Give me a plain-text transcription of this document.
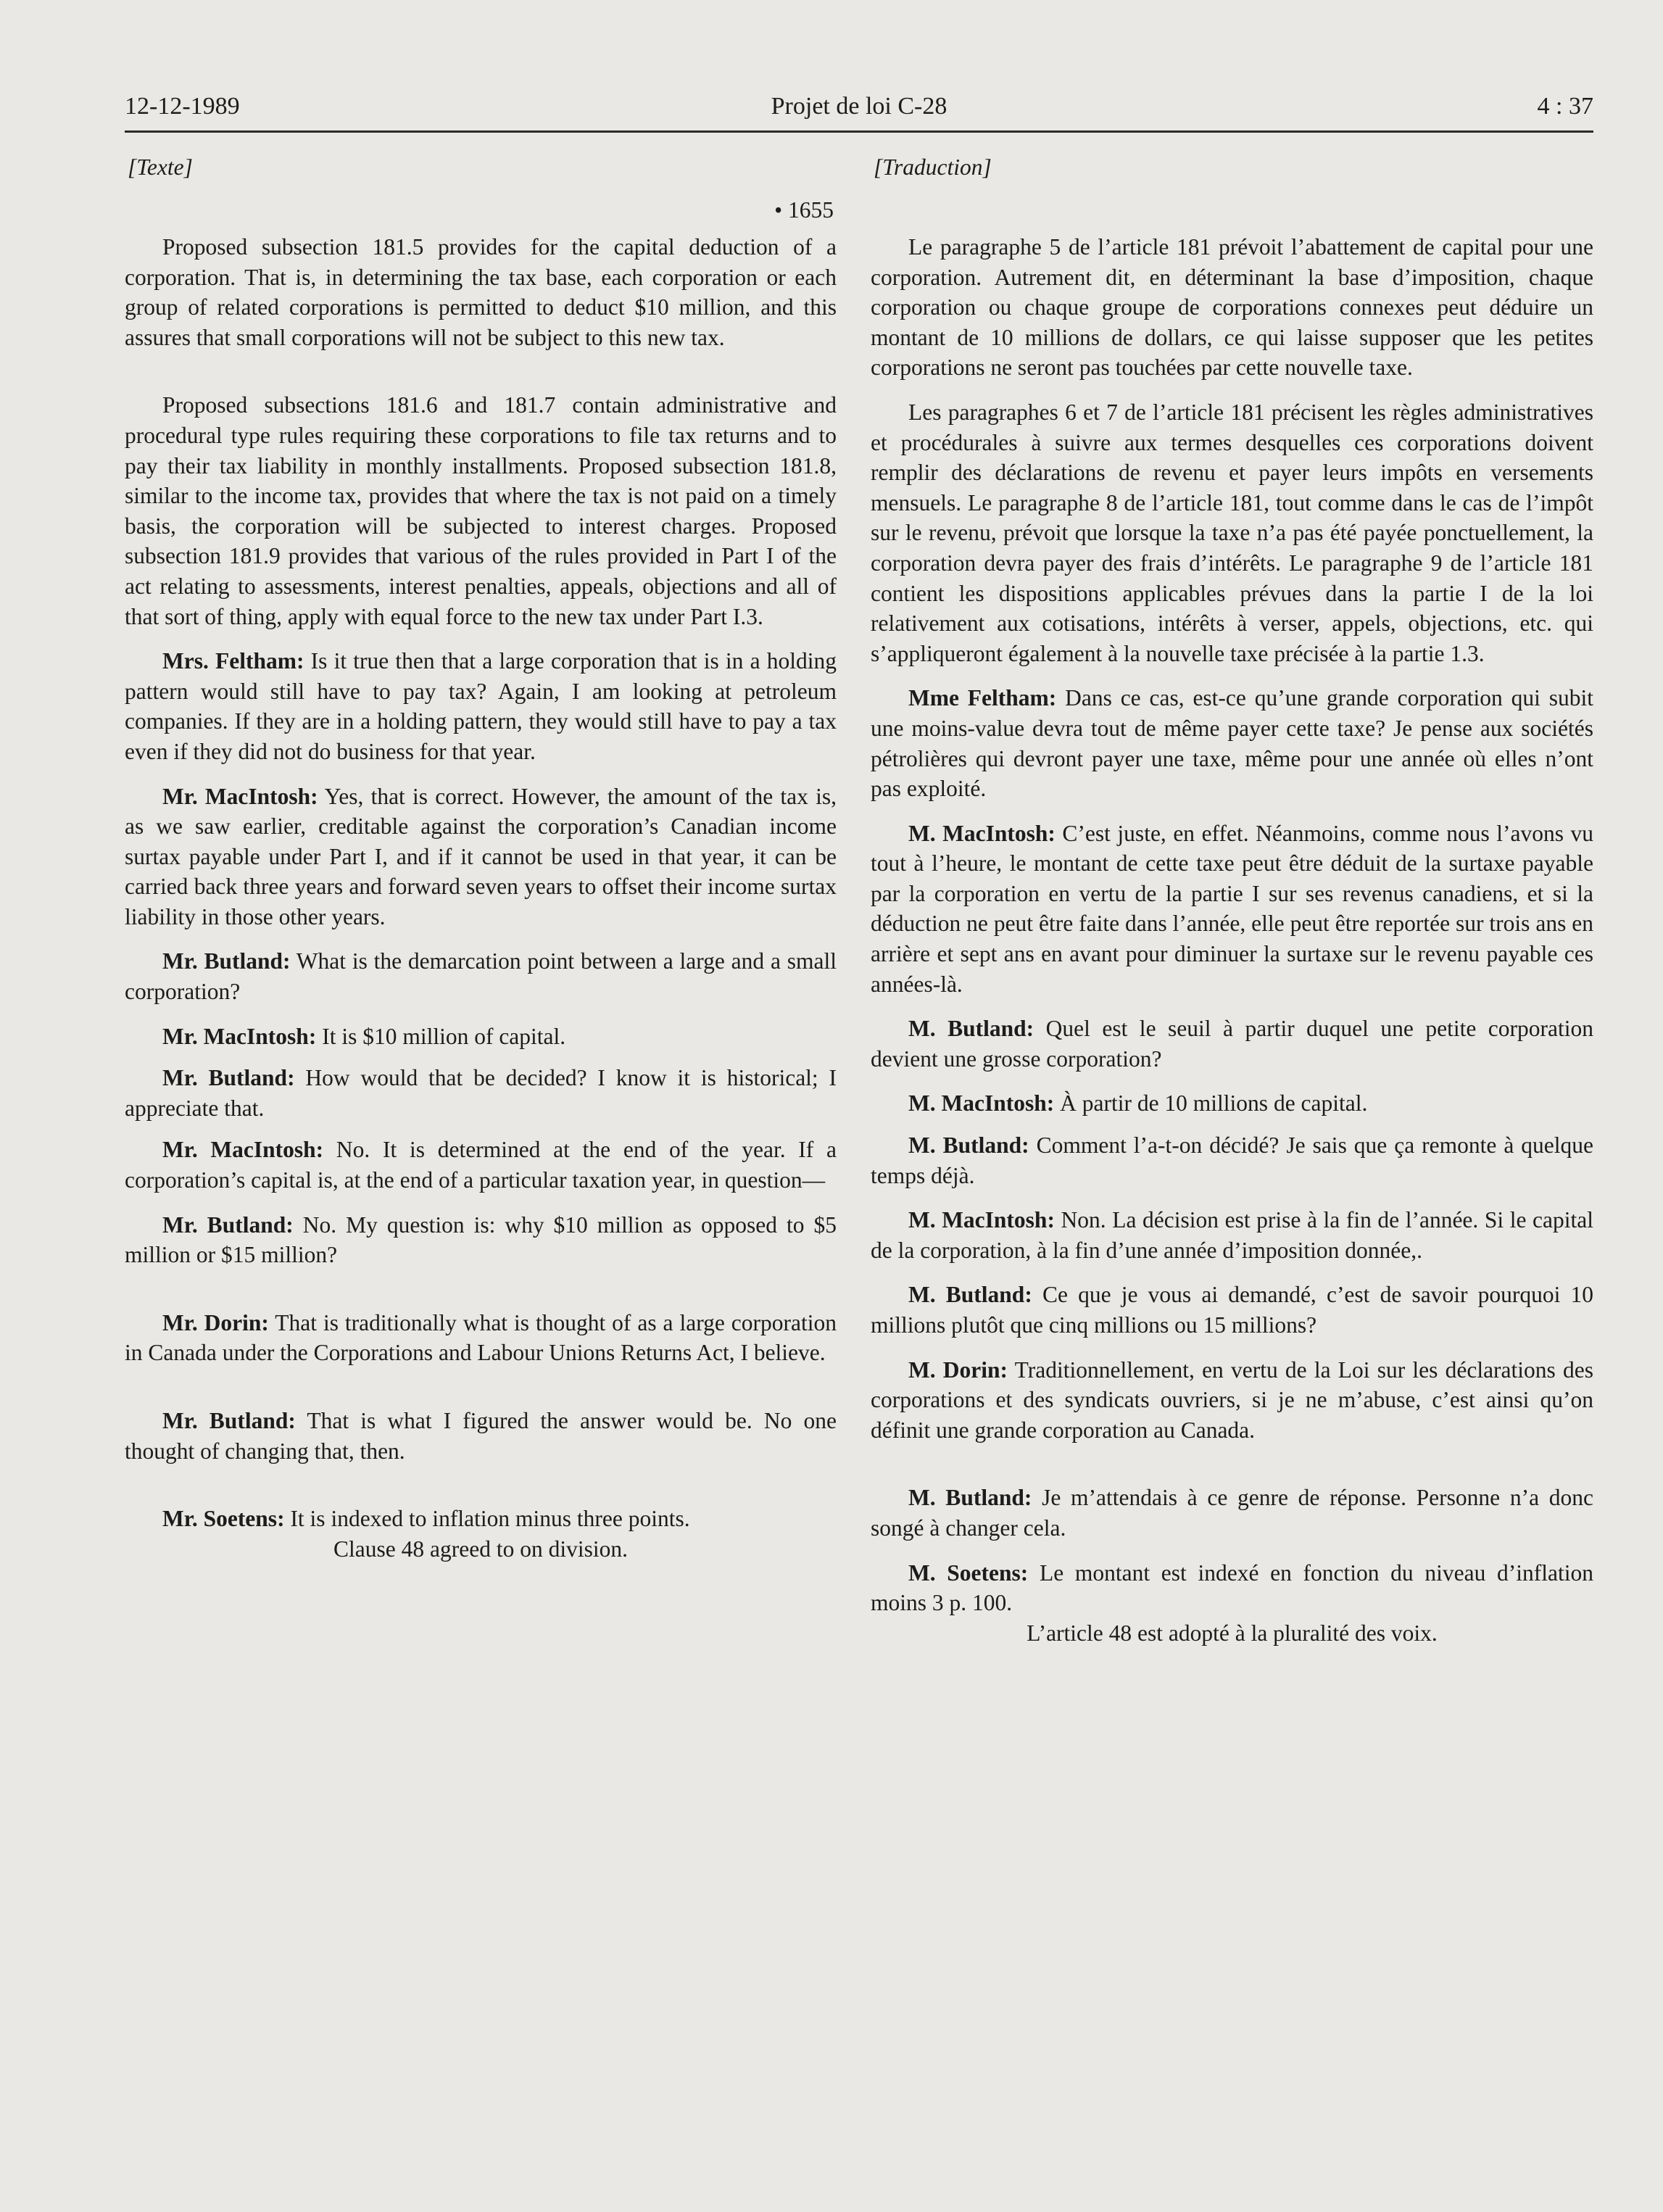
12-12-1989	Projet de loi C-28	4 : 37
[Texte]
• 1655

Proposed subsection 181.5 provides for the capital deduction of a corporation. That is, in determining the tax base, each corporation or each group of related corporations is permitted to deduct $10 million, and this assures that small corporations will not be subject to this new tax.

Proposed subsections 181.6 and 181.7 contain administrative and procedural type rules requiring these corporations to file tax returns and to pay their tax liability in monthly installments. Proposed subsection 181.8, similar to the income tax, provides that where the tax is not paid on a timely basis, the corporation will be subjected to interest charges. Proposed subsection 181.9 provides that various of the rules provided in Part I of the act relating to assessments, interest penalties, appeals, objections and all of that sort of thing, apply with equal force to the new tax under Part I.3.

Mrs. Feltham: Is it true then that a large corporation that is in a holding pattern would still have to pay tax? Again, I am looking at petroleum companies. If they are in a holding pattern, they would still have to pay a tax even if they did not do business for that year.

Mr. MacIntosh: Yes, that is correct. However, the amount of the tax is, as we saw earlier, creditable against the corporation’s Canadian income surtax payable under Part I, and if it cannot be used in that year, it can be carried back three years and forward seven years to offset their income surtax liability in those other years.

Mr. Butland: What is the demarcation point between a large and a small corporation?

Mr. MacIntosh: It is $10 million of capital.

Mr. Butland: How would that be decided? I know it is historical; I appreciate that.

Mr. MacIntosh: No. It is determined at the end of the year. If a corporation’s capital is, at the end of a particular taxation year, in question—

Mr. Butland: No. My question is: why $10 million as opposed to $5 million or $15 million?

Mr. Dorin: That is traditionally what is thought of as a large corporation in Canada under the Corporations and Labour Unions Returns Act, I believe.

Mr. Butland: That is what I figured the answer would be. No one thought of changing that, then.

Mr. Soetens: It is indexed to inflation minus three points.

Clause 48 agreed to on division.

[Traduction]

Le paragraphe 5 de l’article 181 prévoit l’abattement de capital pour une corporation. Autrement dit, en déterminant la base d’imposition, chaque corporation ou chaque groupe de corporations connexes peut déduire un montant de 10 millions de dollars, ce qui laisse supposer que les petites corporations ne seront pas touchées par cette nouvelle taxe.

Les paragraphes 6 et 7 de l’article 181 précisent les règles administratives et procédurales à suivre aux termes desquelles ces corporations doivent remplir des déclarations de revenu et payer leurs impôts en versements mensuels. Le paragraphe 8 de l’article 181, tout comme dans le cas de l’impôt sur le revenu, prévoit que lorsque la taxe n’a pas été payée ponctuellement, la corporation devra payer des frais d’intérêts. Le paragraphe 9 de l’article 181 contient les dispositions applicables prévues dans la partie I de la loi relativement aux cotisations, intérêts à verser, appels, objections, etc. qui s’appliqueront également à la nouvelle taxe précisée à la partie 1.3.

Mme Feltham: Dans ce cas, est-ce qu’une grande corporation qui subit une moins-value devra tout de même payer cette taxe? Je pense aux sociétés pétrolières qui devront payer une taxe, même pour une année où elles n’ont pas exploité.

M. MacIntosh: C’est juste, en effet. Néanmoins, comme nous l’avons vu tout à l’heure, le montant de cette taxe peut être déduit de la surtaxe payable par la corporation en vertu de la partie I sur ses revenus canadiens, et si la déduction ne peut être faite dans l’année, elle peut être reportée sur trois ans en arrière et sept ans en avant pour diminuer la surtaxe sur le revenu payable ces années-là.

M. Butland: Quel est le seuil à partir duquel une petite corporation devient une grosse corporation?

M. MacIntosh: À partir de 10 millions de capital.

M. Butland: Comment l’a-t-on décidé? Je sais que ça remonte à quelque temps déjà.

M. MacIntosh: Non. La décision est prise à la fin de l’année. Si le capital de la corporation, à la fin d’une année d’imposition donnée,.

M. Butland: Ce que je vous ai demandé, c’est de savoir pourquoi 10 millions plutôt que cinq millions ou 15 millions?

M. Dorin: Traditionnellement, en vertu de la Loi sur les déclarations des corporations et des syndicats ouvriers, si je ne m’abuse, c’est ainsi qu’on définit une grande corporation au Canada.

M. Butland: Je m’attendais à ce genre de réponse. Personne n’a donc songé à changer cela.

M. Soetens: Le montant est indexé en fonction du niveau d’inflation moins 3 p. 100.

L’article 48 est adopté à la pluralité des voix.
